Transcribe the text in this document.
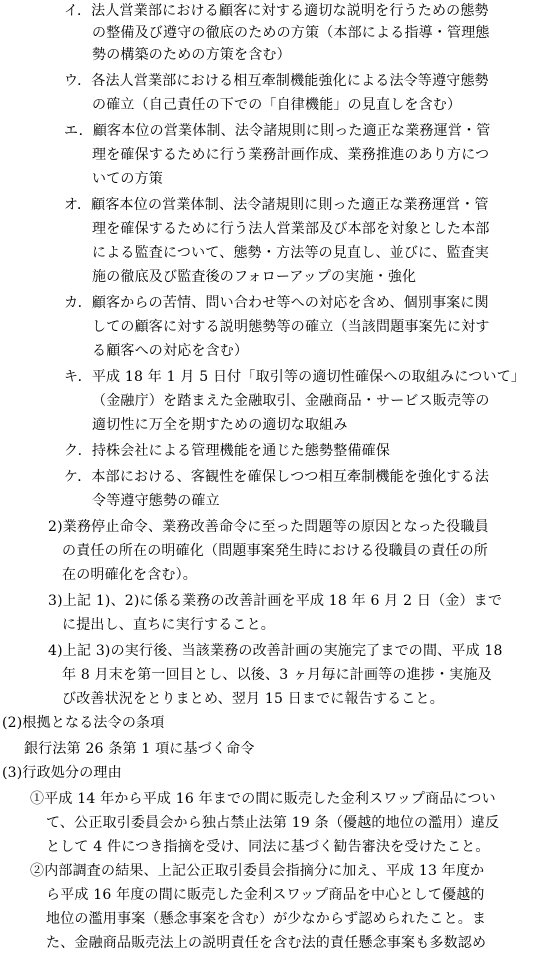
イ．法人営業部における顧客に対する適切な説明を行うための態勢
の整備及び遵守の徹底のための方策（本部による指導・管理態
勢の構築のための方策を含む）
ウ．各法人営業部における相互牽制機能強化による法令等遵守態勢
の確立（自己責任の下での「自律機能」の見直しを含む）
エ．顧客本位の営業体制、法令諸規則に則った適正な業務運営・管
理を確保するために行う業務計画作成、業務推進のあり方につ
いての方策
オ．顧客本位の営業体制、法令諸規則に則った適正な業務運営・管
理を確保するために行う法人営業部及び本部を対象とした本部
による監査について、態勢・方法等の見直し、並びに、監査実
施の徹底及び監査後のフォローアップの実施・強化
カ．顧客からの苦情、問い合わせ等への対応を含め、個別事案に関
しての顧客に対する説明態勢等の確立（当該問題事案先に対す
る顧客への対応を含む）
キ．平成 18 年 1 月 5 日付「取引等の適切性確保への取組みについて」
（金融庁）を踏まえた金融取引、金融商品・サービス販売等の
適切性に万全を期すための適切な取組み
ク．持株会社による管理機能を通じた態勢整備確保
ケ．本部における、客観性を確保しつつ相互牽制機能を強化する法
令等遵守態勢の確立
2)業務停止命令、業務改善命令に至った問題等の原因となった役職員
の責任の所在の明確化（問題事案発生時における役職員の責任の所
在の明確化を含む）。
3)上記 1)、2)に係る業務の改善計画を平成 18 年 6 月 2 日（金）まで
に提出し、直ちに実行すること。
4)上記 3)の実行後、当該業務の改善計画の実施完了までの間、平成 18
年 8 月末を第一回目とし、以後、3 ヶ月毎に計画等の進捗・実施及
び改善状況をとりまとめ、翌月 15 日までに報告すること。
(2)根拠となる法令の条項
銀行法第 26 条第 1 項に基づく命令
(3)行政処分の理由
①平成 14 年から平成 16 年までの間に販売した金利スワップ商品につい
て、公正取引委員会から独占禁止法第 19 条（優越的地位の濫用）違反
として 4 件につき指摘を受け、同法に基づく勧告審決を受けたこと。
②内部調査の結果、上記公正取引委員会指摘分に加え、平成 13 年度か
ら平成 16 年度の間に販売した金利スワップ商品を中心として優越的
地位の濫用事案（懸念事案を含む）が少なからず認められたこと。ま
た、金融商品販売法上の説明責任を含む法的責任懸念事案も多数認め
